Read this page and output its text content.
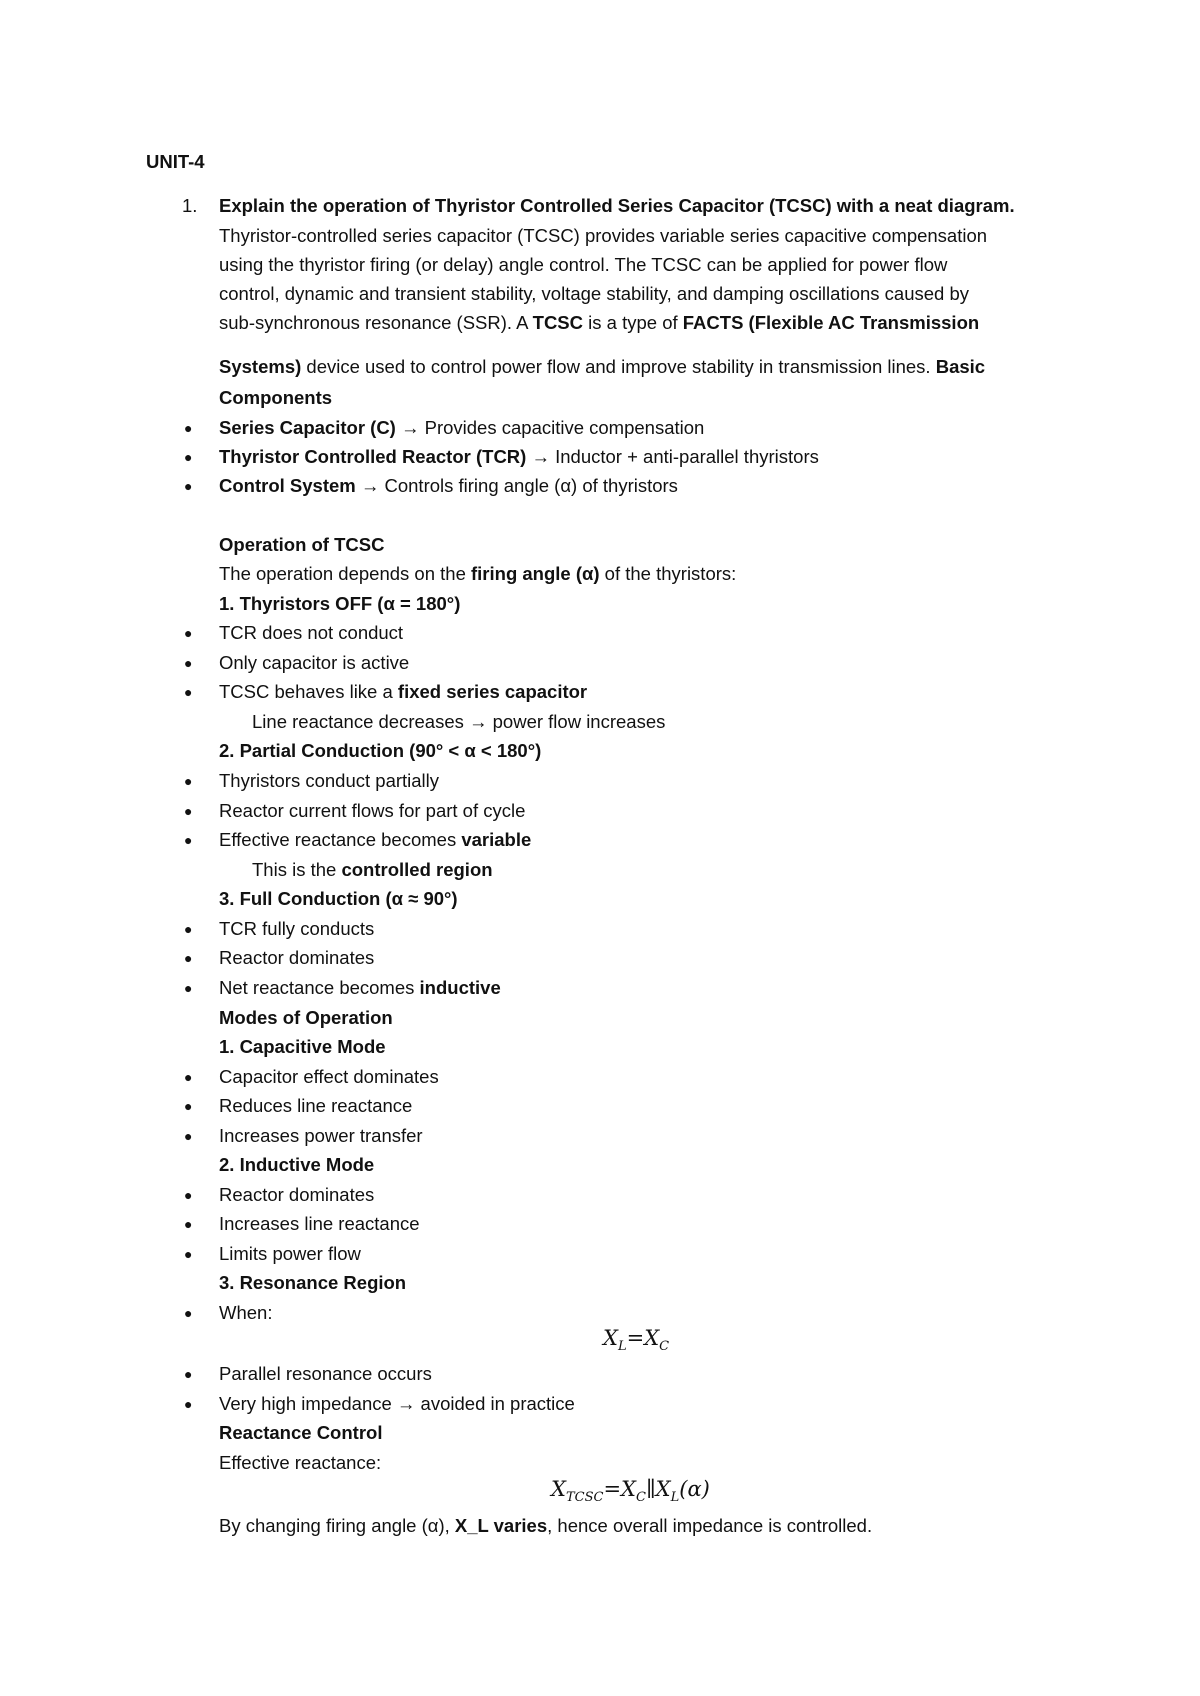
UNIT-4
1. Explain the operation of Thyristor Controlled Series Capacitor (TCSC) with a neat diagram.
Thyristor-controlled series capacitor (TCSC) provides variable series capacitive compensation
using the thyristor firing (or delay) angle control. The TCSC can be applied for power flow
control, dynamic and transient stability, voltage stability, and damping oscillations caused by
sub-synchronous resonance (SSR). A TCSC is a type of FACTS (Flexible AC Transmission
Systems) device used to control power flow and improve stability in transmission lines. Basic
Components
● Series Capacitor (C) → Provides capacitive compensation
● Thyristor Controlled Reactor (TCR) → Inductor + anti-parallel thyristors
● Control System → Controls firing angle (α) of thyristors
Operation of TCSC
The operation depends on the firing angle (α) of the thyristors:
1. Thyristors OFF (α = 180°)
● TCR does not conduct
● Only capacitor is active
● TCSC behaves like a fixed series capacitor
Line reactance decreases → power flow increases
2. Partial Conduction (90° < α < 180°)
● Thyristors conduct partially
● Reactor current flows for part of cycle
● Effective reactance becomes variable
This is the controlled region
3. Full Conduction (α ≈ 90°)
● TCR fully conducts
● Reactor dominates
● Net reactance becomes inductive
Modes of Operation
1. Capacitive Mode
● Capacitor effect dominates
● Reduces line reactance
● Increases power transfer
2. Inductive Mode
● Reactor dominates
● Increases line reactance
● Limits power flow
3. Resonance Region
● When:
$X_L=X_C$
● Parallel resonance occurs
● Very high impedance → avoided in practice
Reactance Control
Effective reactance:
$X_{TCSC}=X_C\parallel X_L(\alpha)$
By changing firing angle (α), X_L varies, hence overall impedance is controlled.
